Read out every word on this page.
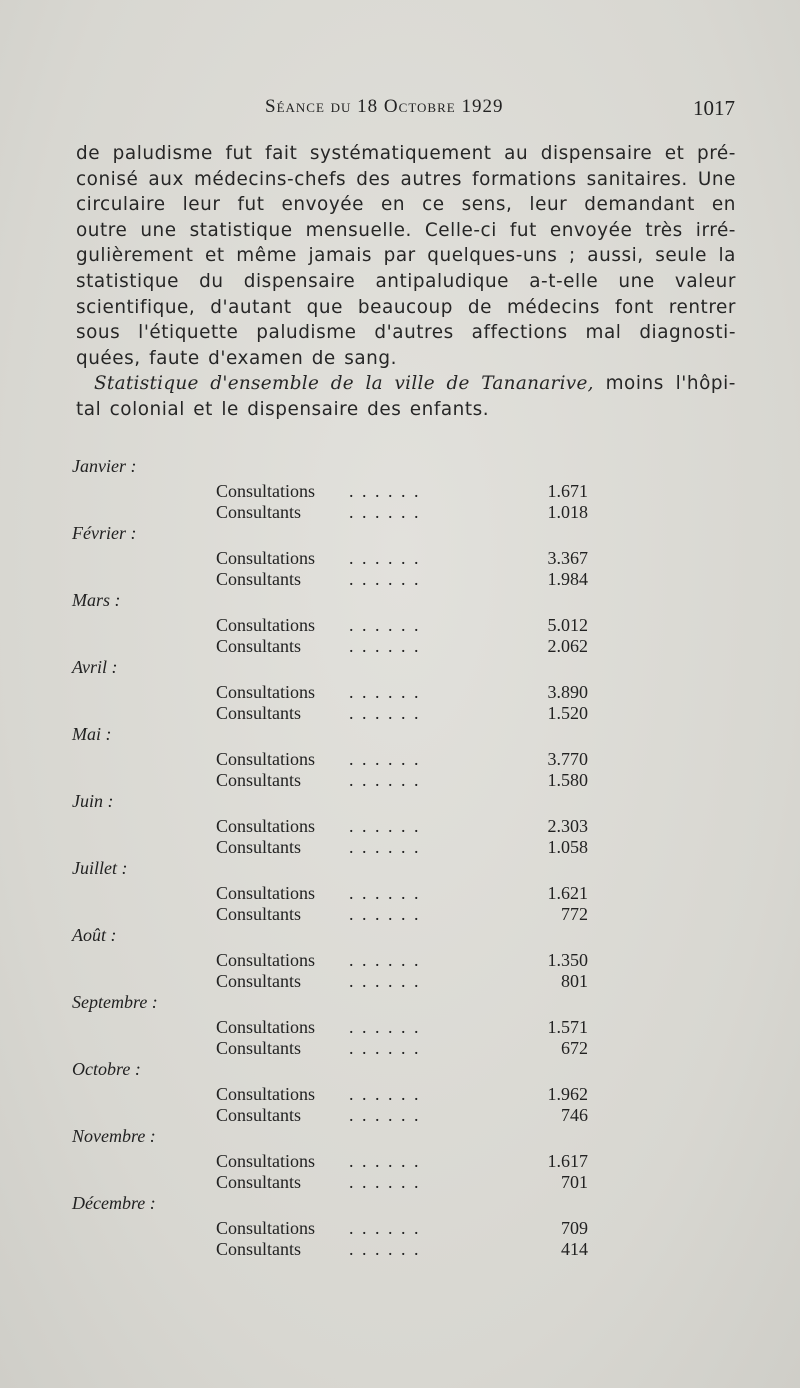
Séance du 18 Octobre 1929	1017
de paludisme fut fait systématiquement au dispensaire et pré-
conisé aux médecins-chefs des autres formations sanitaires. Une
circulaire leur fut envoyée en ce sens, leur demandant en
outre une statistique mensuelle. Celle-ci fut envoyée très irré-
gulièrement et même jamais par quelques-uns ; aussi, seule la
statistique du dispensaire antipaludique a-t-elle une valeur
scientifique, d'autant que beaucoup de médecins font rentrer
sous l'étiquette paludisme d'autres affections mal diagnosti-
quées, faute d'examen de sang.
Statistique d'ensemble de la ville de Tananarive, moins l'hôpi-
tal colonial et le dispensaire des enfants.
Janvier :
Consultations ......	1.671
Consultants	......	1.018
Février :
Consultations ......	3.367
Consultants	......	1.984
Mars :
Consultations ......	5.012
Consultants	......	2.062
Avril :
Consultations ......	3.890
Consultants	......	1.520
Mai :
Consultations ......	3.770
Consultants	......	1.580
Juin :
Consultations ......	2.303
Consultants	......	1.058
Juillet :
Consultations ......	1.621
Consultants	......	772
Août :
Consultations ......	1.350
Consultants	......	801
Septembre :
Consultations ......	1.571
Consultants	......	672
Octobre :
Consultations ......	1.962
Consultants	......	746
Novembre :
Consultations ......	1.617
Consultants	......	701
Décembre :
Consultations ......	709
Consultants	......	414
